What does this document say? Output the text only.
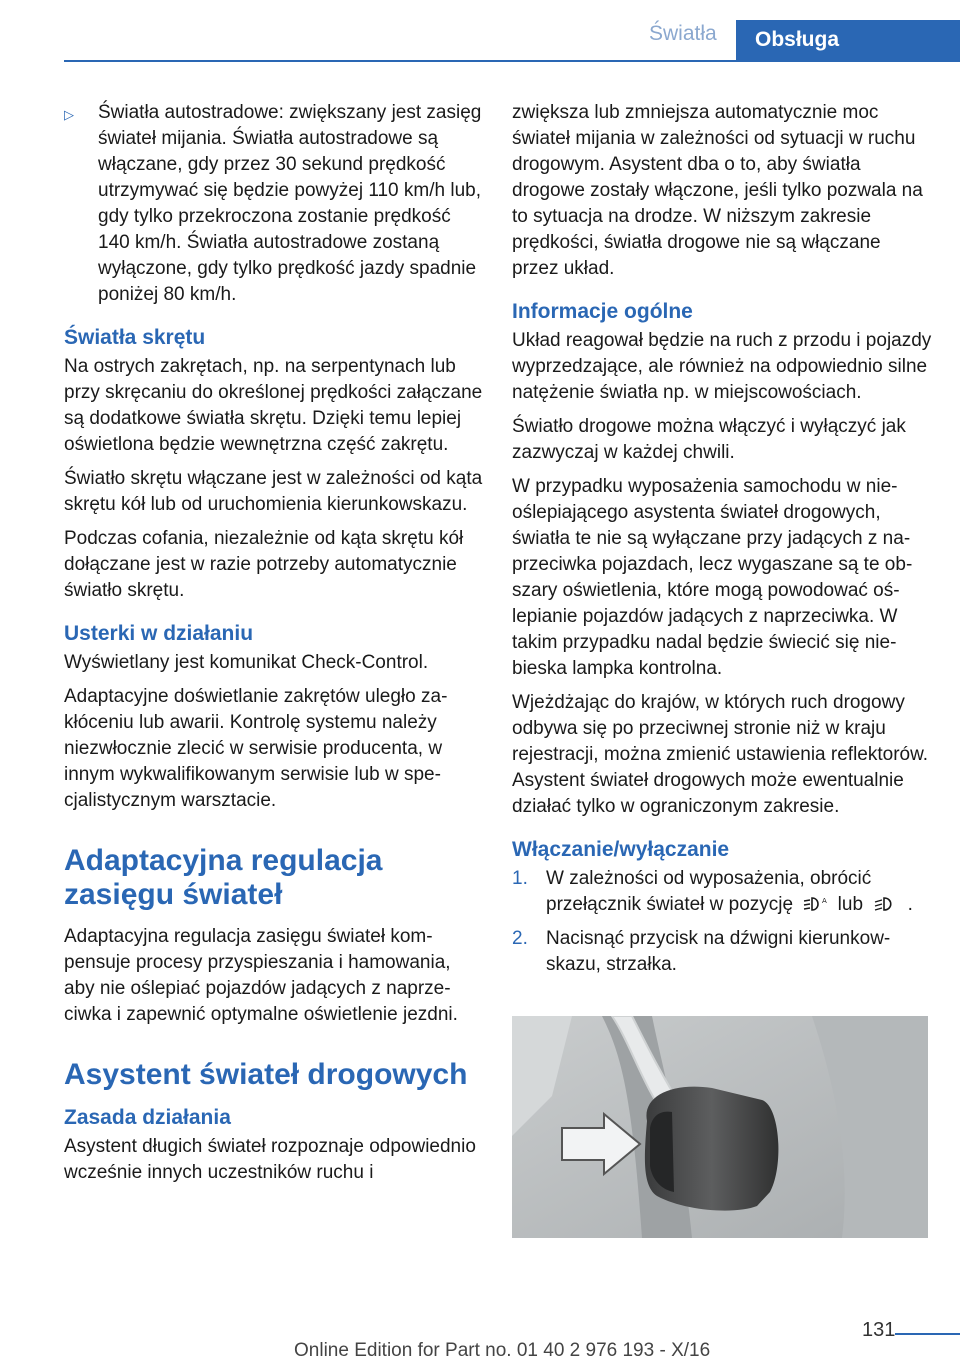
Światła	Obsługa

▷ Światła autostradowe: zwiększany jest zasięg świateł mijania. Światła autostradowe są włączane, gdy przez 30 sekund prędkość utrzymywać się będzie powyżej 110 km/h lub, gdy tylko przekroczona zostanie prędkość 140 km/h. Światła autostradowe zostaną wyłączone, gdy tylko prędkość jazdy spadnie poniżej 80 km/h.

Światła skrętu

Na ostrych zakrętach, np. na serpentynach lub przy skręcaniu do określonej prędkości załączane są dodatkowe światła skrętu. Dzięki temu lepiej oświetlona będzie wewnętrzna część zakrętu.

Światło skrętu włączane jest w zależności od kąta skrętu kół lub od uruchomienia kierunkowskazu.

Podczas cofania, niezależnie od kąta skrętu kół dołączane jest w razie potrzeby automatycznie światło skrętu.

Usterki w działaniu

Wyświetlany jest komunikat Check-Control.

Adaptacyjne doświetlanie zakrętów uległo zakłóceniu lub awarii. Kontrolę systemu należy niezwłocznie zlecić w serwisie producenta, w innym wykwalifikowanym serwisie lub w specjalistycznym warsztacie.

Adaptacyjna regulacja zasięgu świateł

Adaptacyjna regulacja zasięgu świateł kompensuje procesy przyspieszania i hamowania, aby nie oślepiać pojazdów jadących z naprzeciwka i zapewnić optymalne oświetlenie jezdni.

Asystent świateł drogowych
Zasada działania

Asystent długich świateł rozpoznaje odpowiednio wcześnie innych uczestników ruchu i

zwiększa lub zmniejsza automatycznie moc świateł mijania w zależności od sytuacji w ruchu drogowym. Asystent dba o to, aby światła drogowe zostały włączone, jeśli tylko pozwala na to sytuacja na drodze. W niższym zakresie prędkości, światła drogowe nie są włączane przez układ.

Informacje ogólne

Układ reagował będzie na ruch z przodu i pojazdy wyprzedzające, ale również na odpowiednio silne natężenie światła np. w miejscowościach.

Światło drogowe można włączyć i wyłączyć jak zazwyczaj w każdej chwili.

W przypadku wyposażenia samochodu w nieoślepiającego asystenta świateł drogowych, światła te nie są wyłączane przy jadących z naprzeciwka pojazdach, lecz wygaszane są te obszary oświetlenia, które mogą powodować oślepianie pojazdów jadących z naprzeciwka. W takim przypadku nadal będzie świecić się niebieska lampka kontrolna.

Wjeżdżając do krajów, w których ruch drogowy odbywa się po przeciwnej stronie niż w kraju rejestracji, można zmienić ustawienia reflektorów. Asystent świateł drogowych może ewentualnie działać tylko w ograniczonym zakresie.

Włączanie/wyłączanie
1. W zależności od wyposażenia, obrócić przełącznik świateł w pozycję	A lub .

2. Nacisnąć przycisk na dźwigni kierunkowskazu, strzałka.

131
Online Edition for Part no. 01 40 2 976 193 - X/16
